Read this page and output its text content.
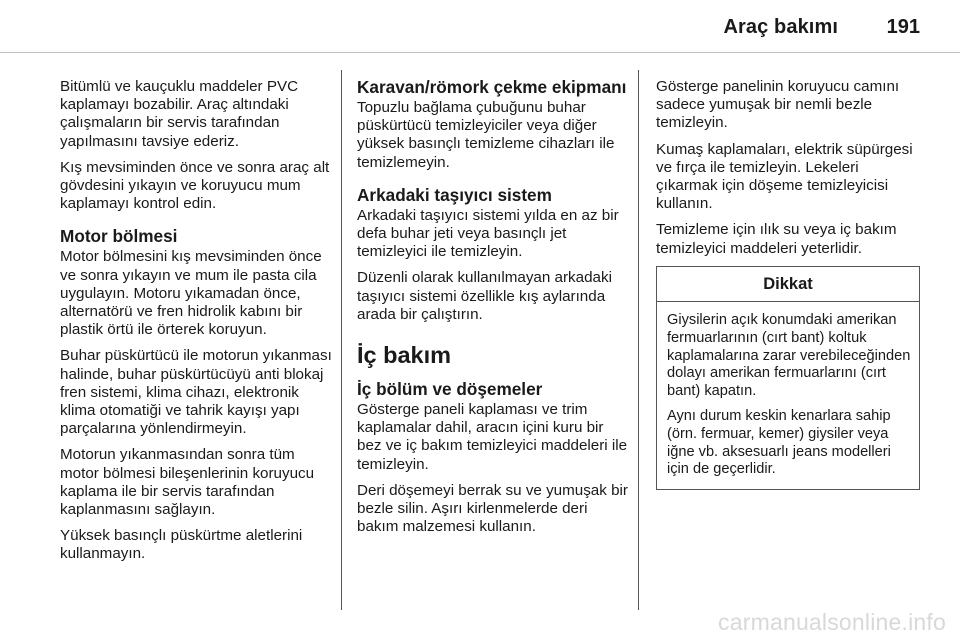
Araç bakımı 191

Bitümlü ve kauçuklu maddeler PVC kaplamayı bozabilir. Araç altındaki çalışmaların bir servis tarafından yapılmasını tavsiye ederiz.

Kış mevsiminden önce ve sonra araç alt gövdesini yıkayın ve koruyucu mum kaplamayı kontrol edin.

Motor bölmesi

Motor bölmesini kış mevsiminden önce ve sonra yıkayın ve mum ile pasta cila uygulayın. Motoru yıkamadan önce, alternatörü ve fren hidrolik kabını bir plastik örtü ile örterek koruyun.

Buhar püskürtücü ile motorun yıkanması halinde, buhar püskürtücüyü anti blokaj fren sistemi, klima cihazı, elektronik klima otomatiği ve tahrik kayışı yapı parçalarına yönlendirmeyin.

Motorun yıkanmasından sonra tüm motor bölmesi bileşenlerinin koruyucu kaplama ile bir servis tarafından kaplanmasını sağlayın.

Yüksek basınçlı püskürtme aletlerini kullanmayın.

Karavan/römork çekme ekipmanı

Topuzlu bağlama çubuğunu buhar püskürtücü temizleyiciler veya diğer yüksek basınçlı temizleme cihazları ile temizlemeyin.

Arkadaki taşıyıcı sistem

Arkadaki taşıyıcı sistemi yılda en az bir defa buhar jeti veya basınçlı jet temizleyici ile temizleyin.

Düzenli olarak kullanılmayan arkadaki taşıyıcı sistemi özellikle kış aylarında arada bir çalıştırın.

İç bakım
İç bölüm ve döşemeler

Gösterge paneli kaplaması ve trim kaplamalar dahil, aracın içini kuru bir bez ve iç bakım temizleyici maddeleri ile temizleyin.

Deri döşemeyi berrak su ve yumuşak bir bezle silin. Aşırı kirlenmelerde deri bakım malzemesi kullanın.

Gösterge panelinin koruyucu camını sadece yumuşak bir nemli bezle temizleyin.

Kumaş kaplamaları, elektrik süpürgesi ve fırça ile temizleyin. Lekeleri çıkarmak için döşeme temizleyicisi kullanın.

Temizleme için ılık su veya iç bakım temizleyici maddeleri yeterlidir.

Dikkat

Giysilerin açık konumdaki amerikan fermuarlarının (cırt bant) koltuk kaplamalarına zarar verebileceğinden dolayı amerikan fermuarlarını (cırt bant) kapatın.

Aynı durum keskin kenarlara sahip (örn. fermuar, kemer) giysiler veya iğne vb. aksesuarlı jeans modelleri için de geçerlidir.

carmanualsonline.info
